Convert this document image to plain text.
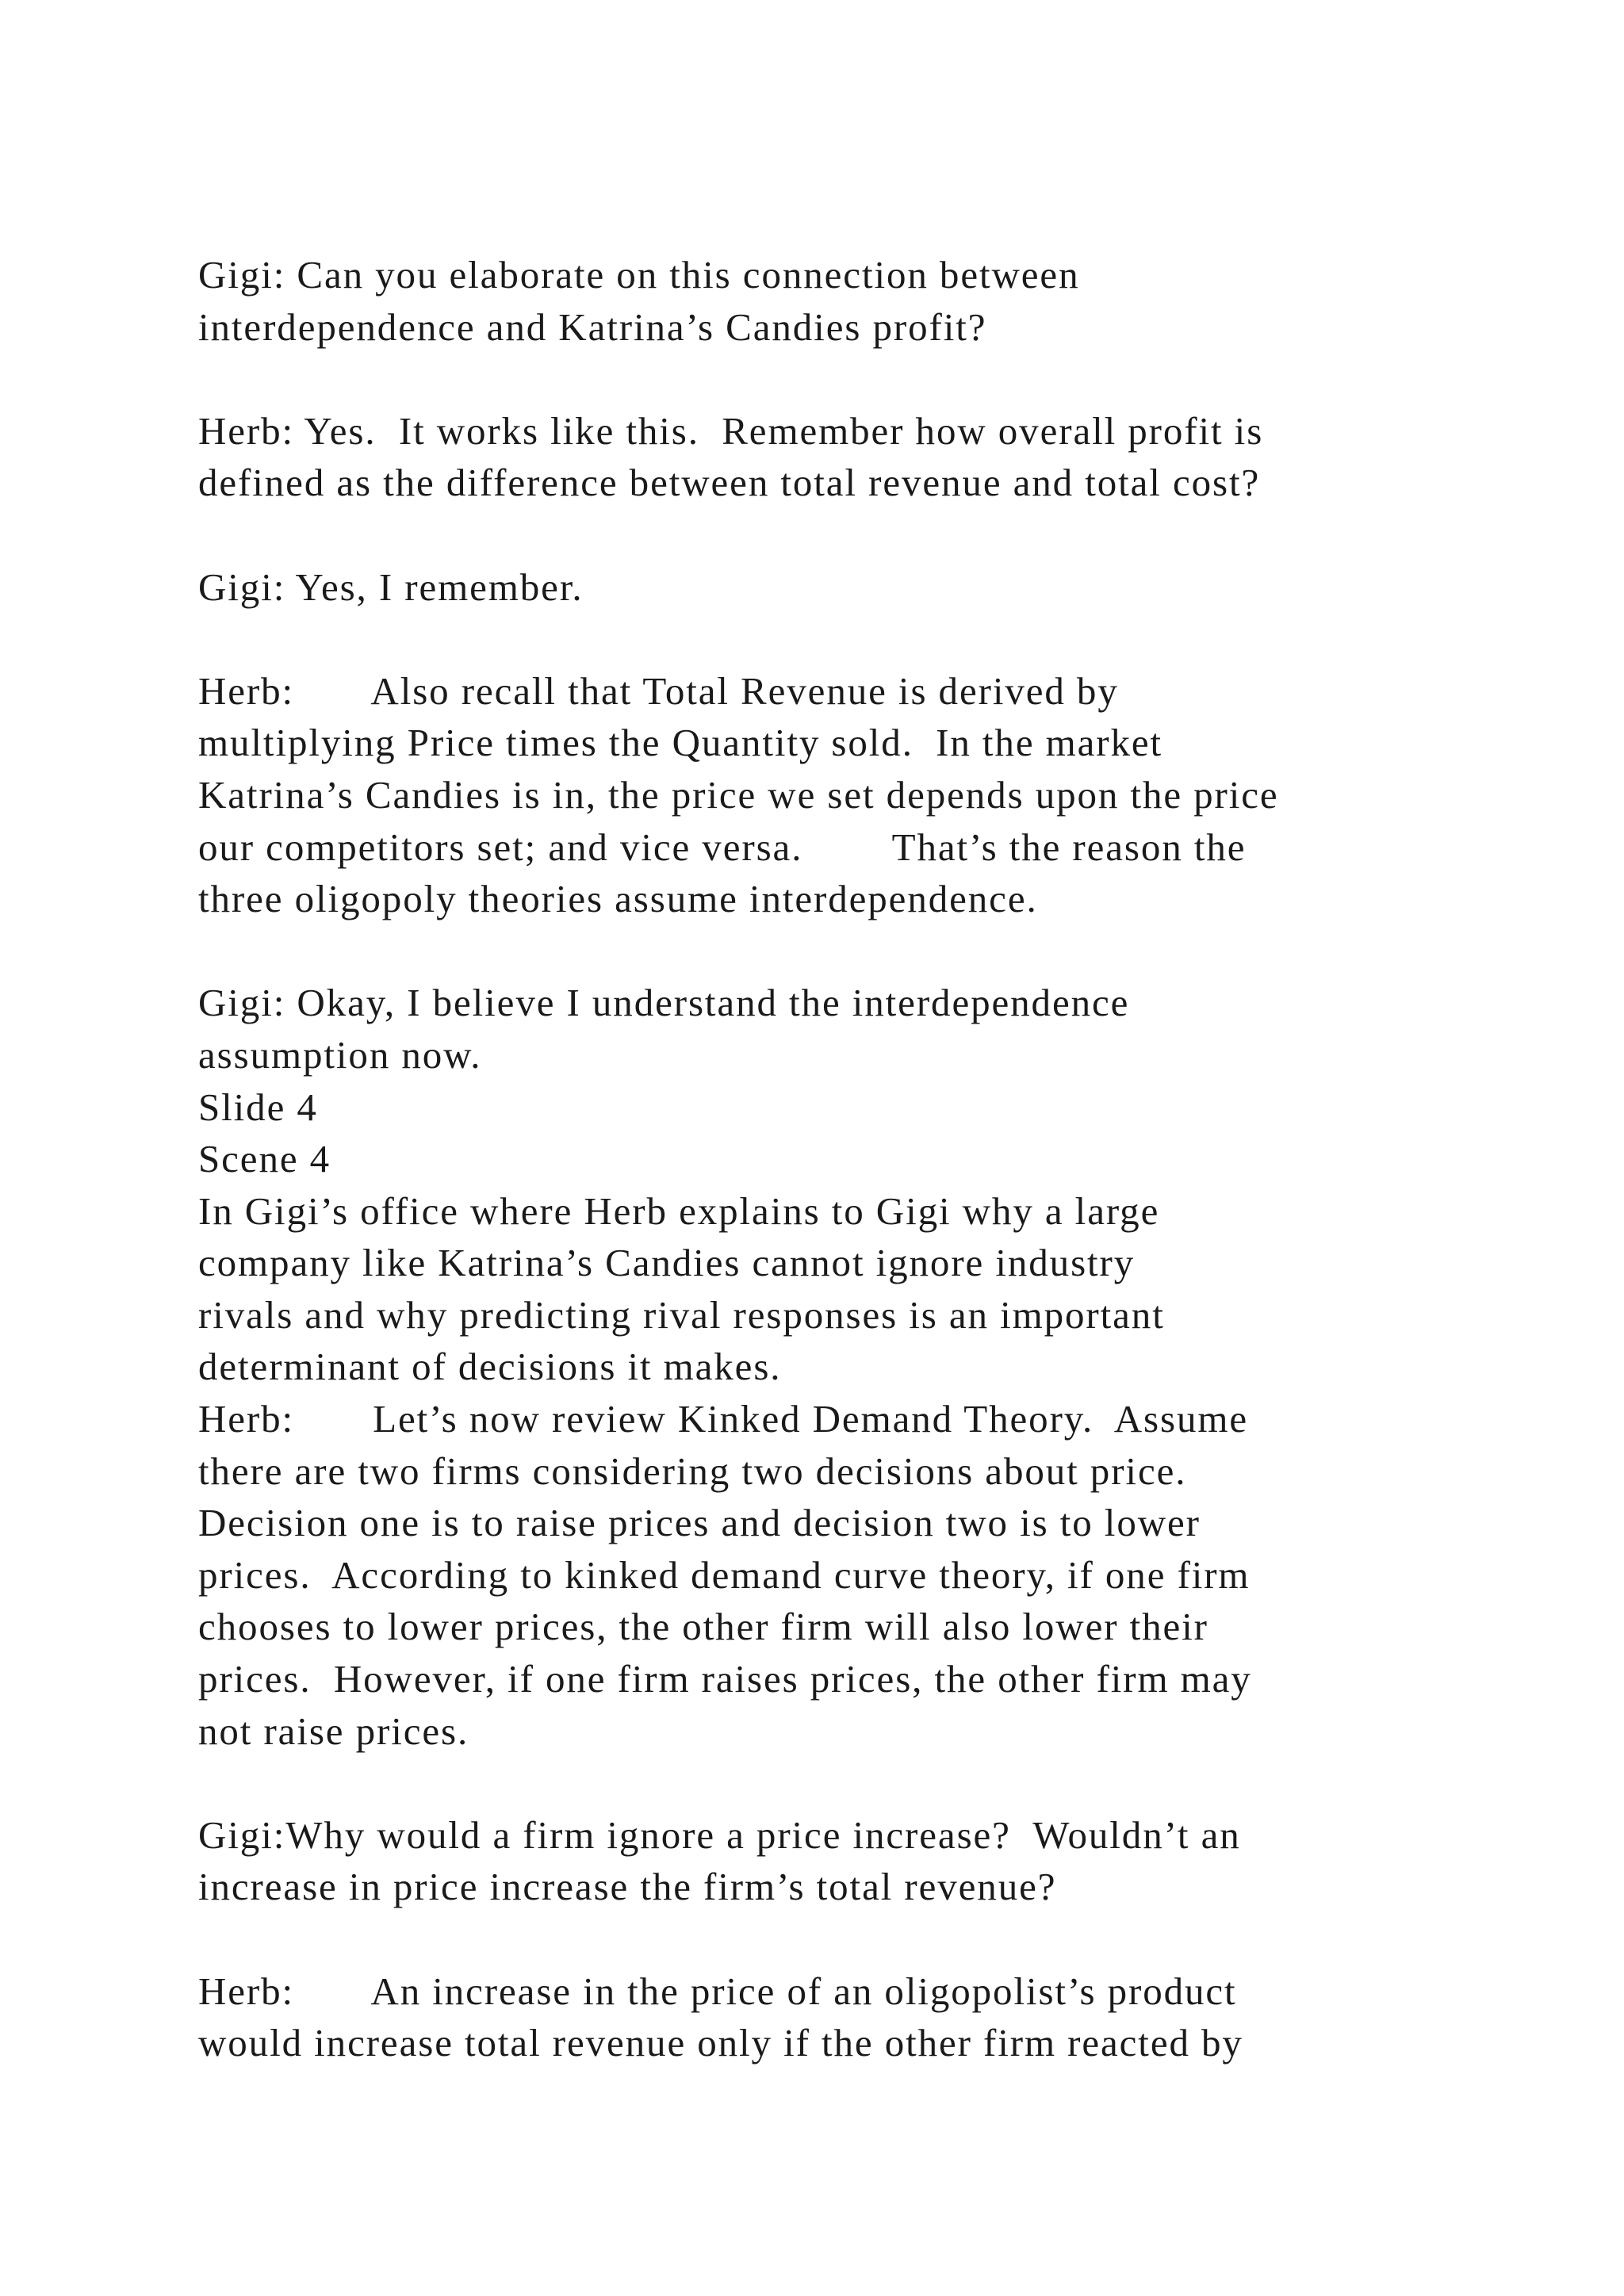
Gigi: Can you elaborate on this connection between
interdependence and Katrina’s Candies profit?
Herb: Yes.  It works like this.  Remember how overall profit is
defined as the difference between total revenue and total cost?
Gigi: Yes, I remember.
Herb:       Also recall that Total Revenue is derived by
multiplying Price times the Quantity sold.  In the market
Katrina’s Candies is in, the price we set depends upon the price
our competitors set; and vice versa.        That’s the reason the
three oligopoly theories assume interdependence.
Gigi: Okay, I believe I understand the interdependence
assumption now.
Slide 4
Scene 4
In Gigi’s office where Herb explains to Gigi why a large
company like Katrina’s Candies cannot ignore industry
rivals and why predicting rival responses is an important
determinant of decisions it makes.
Herb:       Let’s now review Kinked Demand Theory.  Assume
there are two firms considering two decisions about price.
Decision one is to raise prices and decision two is to lower
prices.  According to kinked demand curve theory, if one firm
chooses to lower prices, the other firm will also lower their
prices.  However, if one firm raises prices, the other firm may
not raise prices.
Gigi:Why would a firm ignore a price increase?  Wouldn’t an
increase in price increase the firm’s total revenue?
Herb:       An increase in the price of an oligopolist’s product
would increase total revenue only if the other firm reacted by
